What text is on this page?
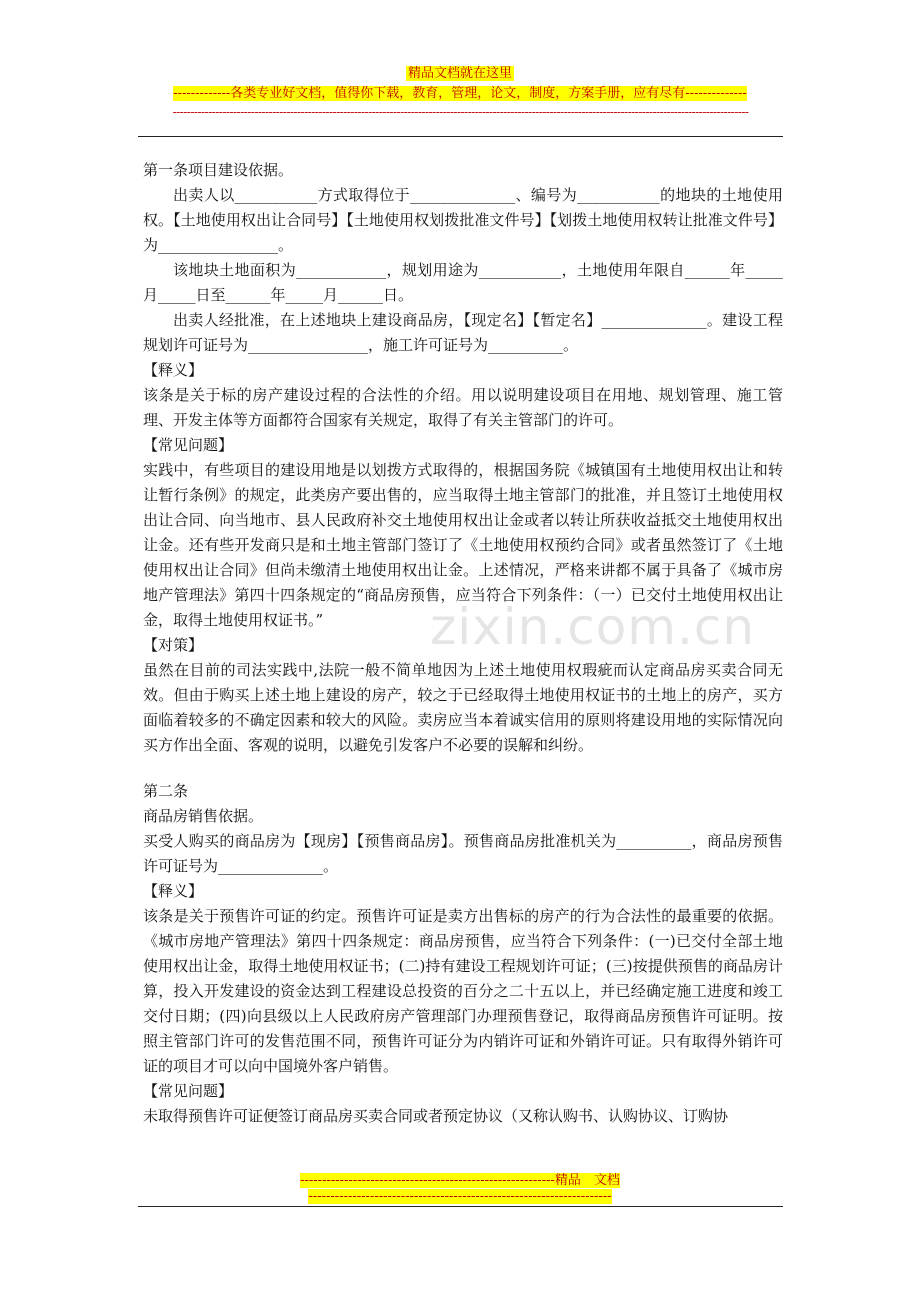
精品文档就在这里
-------------各类专业好文档，值得你下载，教育，管理，论文，制度，方案手册，应有尽有--------------
------------------------------------------------------------------------------------------------------------------------------------------------------------------
zixin.com.cn

第一条项目建设依据。

出卖人以___________方式取得位于______________、编号为___________的地块的土地使用权。【土地使用权出让合同号】【土地使用权划拨批准文件号】【划拨土地使用权转让批准文件号】为________________。

该地块土地面积为____________，规划用途为___________，土地使用年限自______年_____月_____日至______年_____月______日。

出卖人经批准，在上述地块上建设商品房，【现定名】【暂定名】______________。建设工程规划许可证号为________________，施工许可证号为__________。

【释义】

该条是关于标的房产建设过程的合法性的介绍。用以说明建设项目在用地、规划管理、施工管理、开发主体等方面都符合国家有关规定，取得了有关主管部门的许可。

【常见问题】

实践中，有些项目的建设用地是以划拨方式取得的，根据国务院《城镇国有土地使用权出让和转让暂行条例》的规定，此类房产要出售的，应当取得土地主管部门的批准，并且签订土地使用权出让合同、向当地市、县人民政府补交土地使用权出让金或者以转让所获收益抵交土地使用权出让金。还有些开发商只是和土地主管部门签订了《土地使用权预约合同》或者虽然签订了《土地使用权出让合同》但尚未缴清土地使用权出让金。上述情况，严格来讲都不属于具备了《城市房地产管理法》第四十四条规定的“商品房预售，应当符合下列条件：（一）已交付土地使用权出让金，取得土地使用权证书。”

【对策】

虽然在目前的司法实践中,法院一般不简单地因为上述土地使用权瑕疵而认定商品房买卖合同无效。但由于购买上述土地上建设的房产，较之于已经取得土地使用权证书的土地上的房产，买方面临着较多的不确定因素和较大的风险。卖房应当本着诚实信用的原则将建设用地的实际情况向买方作出全面、客观的说明，以避免引发客户不必要的误解和纠纷。

第二条

商品房销售依据。

买受人购买的商品房为【现房】【预售商品房】。预售商品房批准机关为__________，商品房预售许可证号为______________。

【释义】

该条是关于预售许可证的约定。预售许可证是卖方出售标的房产的行为合法性的最重要的依据。《城市房地产管理法》第四十四条规定：商品房预售，应当符合下列条件：(一)已交付全部土地使用权出让金，取得土地使用权证书；(二)持有建设工程规划许可证；(三)按提供预售的商品房计算，投入开发建设的资金达到工程建设总投资的百分之二十五以上，并已经确定施工进度和竣工交付日期；(四)向县级以上人民政府房产管理部门办理预售登记，取得商品房预售许可证明。按照主管部门许可的发售范围不同，预售许可证分为内销许可证和外销许可证。只有取得外销许可证的项目才可以向中国境外客户销售。

【常见问题】

未取得预售许可证便签订商品房买卖合同或者预定协议（又称认购书、认购协议、订购协

----------------------------------------------------------精品　文档
---------------------------------------------------------------------
